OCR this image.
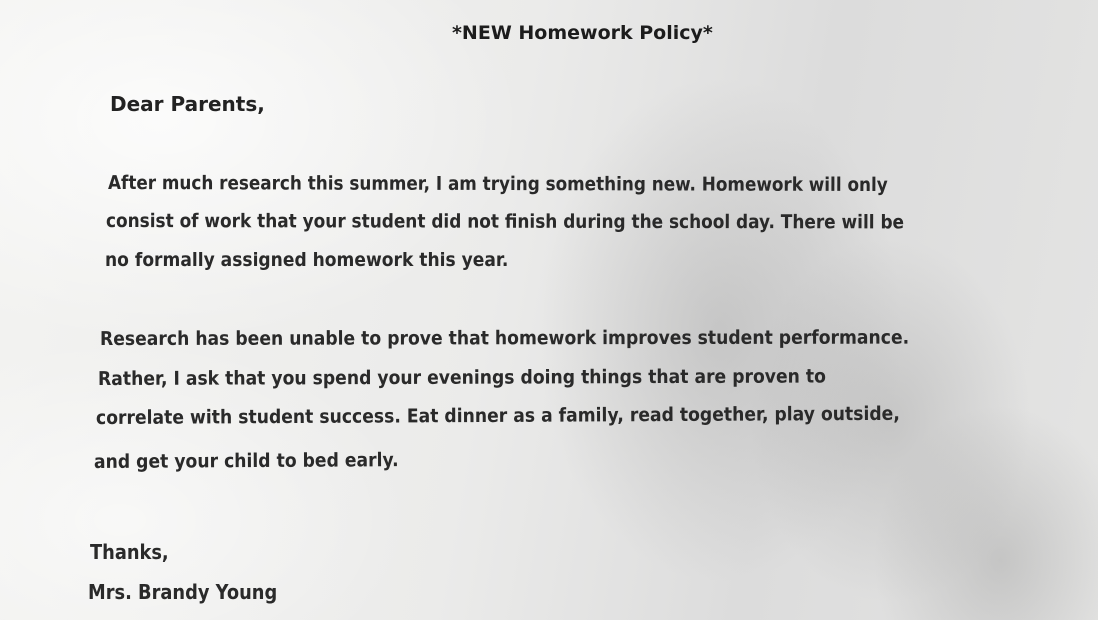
*NEW Homework Policy*
Dear Parents,
After much research this summer, I am trying something new. Homework will only
consist of work that your student did not finish during the school day. There will be
no formally assigned homework this year.
Research has been unable to prove that homework improves student performance.
Rather, I ask that you spend your evenings doing things that are proven to
correlate with student success. Eat dinner as a family, read together, play outside,
and get your child to bed early.
Thanks,
Mrs. Brandy Young
